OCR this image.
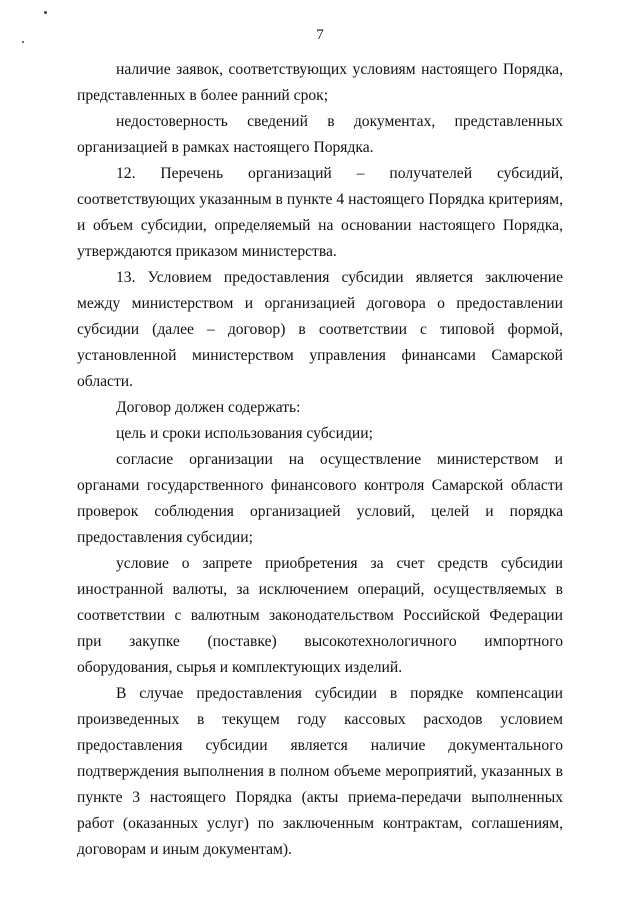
7

наличие заявок, соответствующих условиям настоящего Порядка, представленных в более ранний срок;

недостоверность сведений в документах, представленных организацией в рамках настоящего Порядка.

12. Перечень организаций – получателей субсидий, соответствующих указанным в пункте 4 настоящего Порядка критериям, и объем субсидии, определяемый на основании настоящего Порядка, утверждаются приказом министерства.

13. Условием предоставления субсидии является заключение между министерством и организацией договора о предоставлении субсидии (далее – договор) в соответствии с типовой формой, установленной министерством управления финансами Самарской области.

Договор должен содержать:

цель и сроки использования субсидии;

согласие организации на осуществление министерством и органами государственного финансового контроля Самарской области проверок соблюдения организацией условий, целей и порядка предоставления субсидии;

условие о запрете приобретения за счет средств субсидии иностранной валюты, за исключением операций, осуществляемых в соответствии с валютным законодательством Российской Федерации при закупке (поставке) высокотехнологичного импортного оборудования, сырья и комплектующих изделий.

В случае предоставления субсидии в порядке компенсации произведенных в текущем году кассовых расходов условием предоставления субсидии является наличие документального подтверждения выполнения в полном объеме мероприятий, указанных в пункте 3 настоящего Порядка (акты приема-передачи выполненных работ (оказанных услуг) по заключенным контрактам, соглашениям, договорам и иным документам).
